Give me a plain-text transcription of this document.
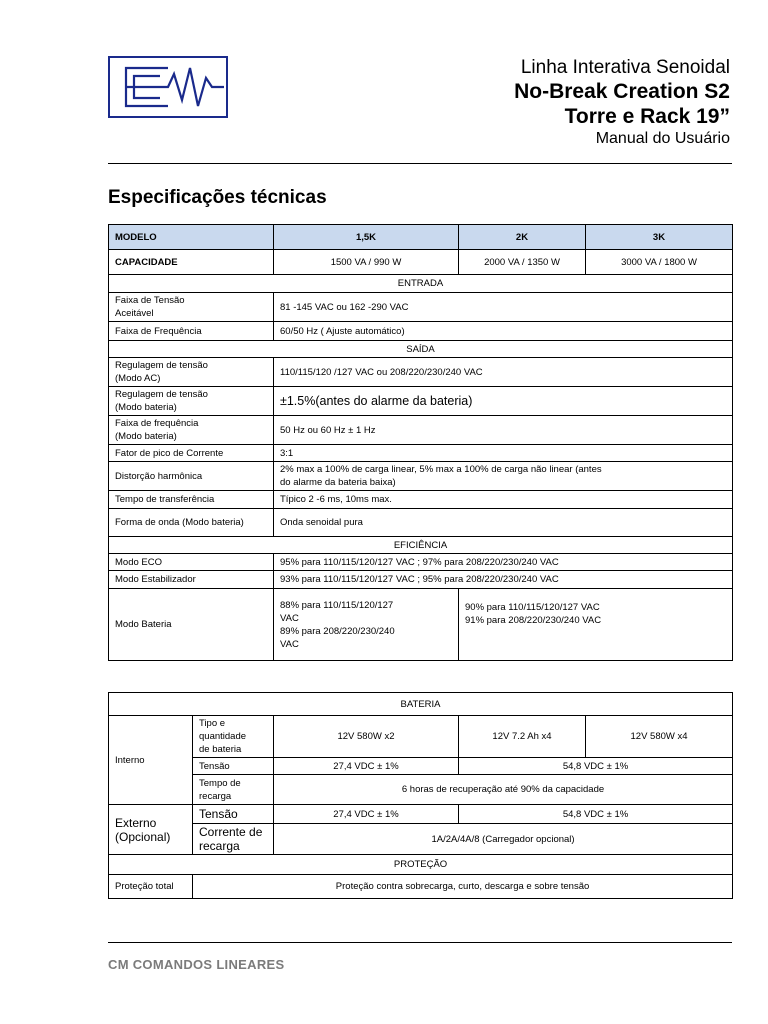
Linha Interativa Senoidal
No-Break Creation S2
Torre e Rack 19”
Manual do Usuário
Especificações técnicas
MODELO	1,5K	2K	3K
CAPACIDADE	1500 VA / 990 W	2000 VA / 1350 W	3000 VA / 1800 W
ENTRADA			
Faixa de Tensão
Aceitável	81 -145 VAC ou 162 -290 VAC		
Faixa de Frequência	60/50 Hz ( Ajuste automático)		
SAÍDA			
Regulagem de tensão
(Modo AC)	110/115/120 /127 VAC ou 208/220/230/240 VAC		
Regulagem de tensão
(Modo bateria)	±1.5%(antes do alarme da bateria)		
Faixa de frequência
(Modo bateria)	50 Hz ou 60 Hz ± 1 Hz		
Fator de pico de Corrente	3:1		
Distorção harmônica	2% max a 100% de carga linear, 5% max a 100% de carga não linear (antes
do alarme da bateria baixa)		
Tempo de transferência	Típico 2 -6 ms, 10ms max.		
Forma de onda (Modo bateria)	Onda senoidal pura		
EFICIÊNCIA			
Modo ECO	95% para 110/115/120/127 VAC ; 97% para 208/220/230/240 VAC		
Modo Estabilizador	93% para 110/115/120/127 VAC ; 95% para 208/220/230/240 VAC		
Modo Bateria	88% para 110/115/120/127
VAC
89% para 208/220/230/240
VAC	90% para 110/115/120/127 VAC
91% para 208/220/230/240 VAC	
BATERIA				
Interno	Tipo e
quantidade
de bateria	12V 580W x2	12V 7.2 Ah x4	12V 580W x4
	Tensão	27,4 VDC ± 1%	54,8 VDC ± 1%	
	Tempo de
recarga	6 horas de recuperação até 90% da capacidade		
Externo
(Opcional)	Tensão	27,4 VDC ± 1%	54,8 VDC ± 1%	
	Corrente de
recarga	1A/2A/4A/8 (Carregador opcional)		
PROTEÇÃO				
Proteção total	Proteção contra sobrecarga, curto, descarga e sobre tensão			
CM COMANDOS LINEARES
